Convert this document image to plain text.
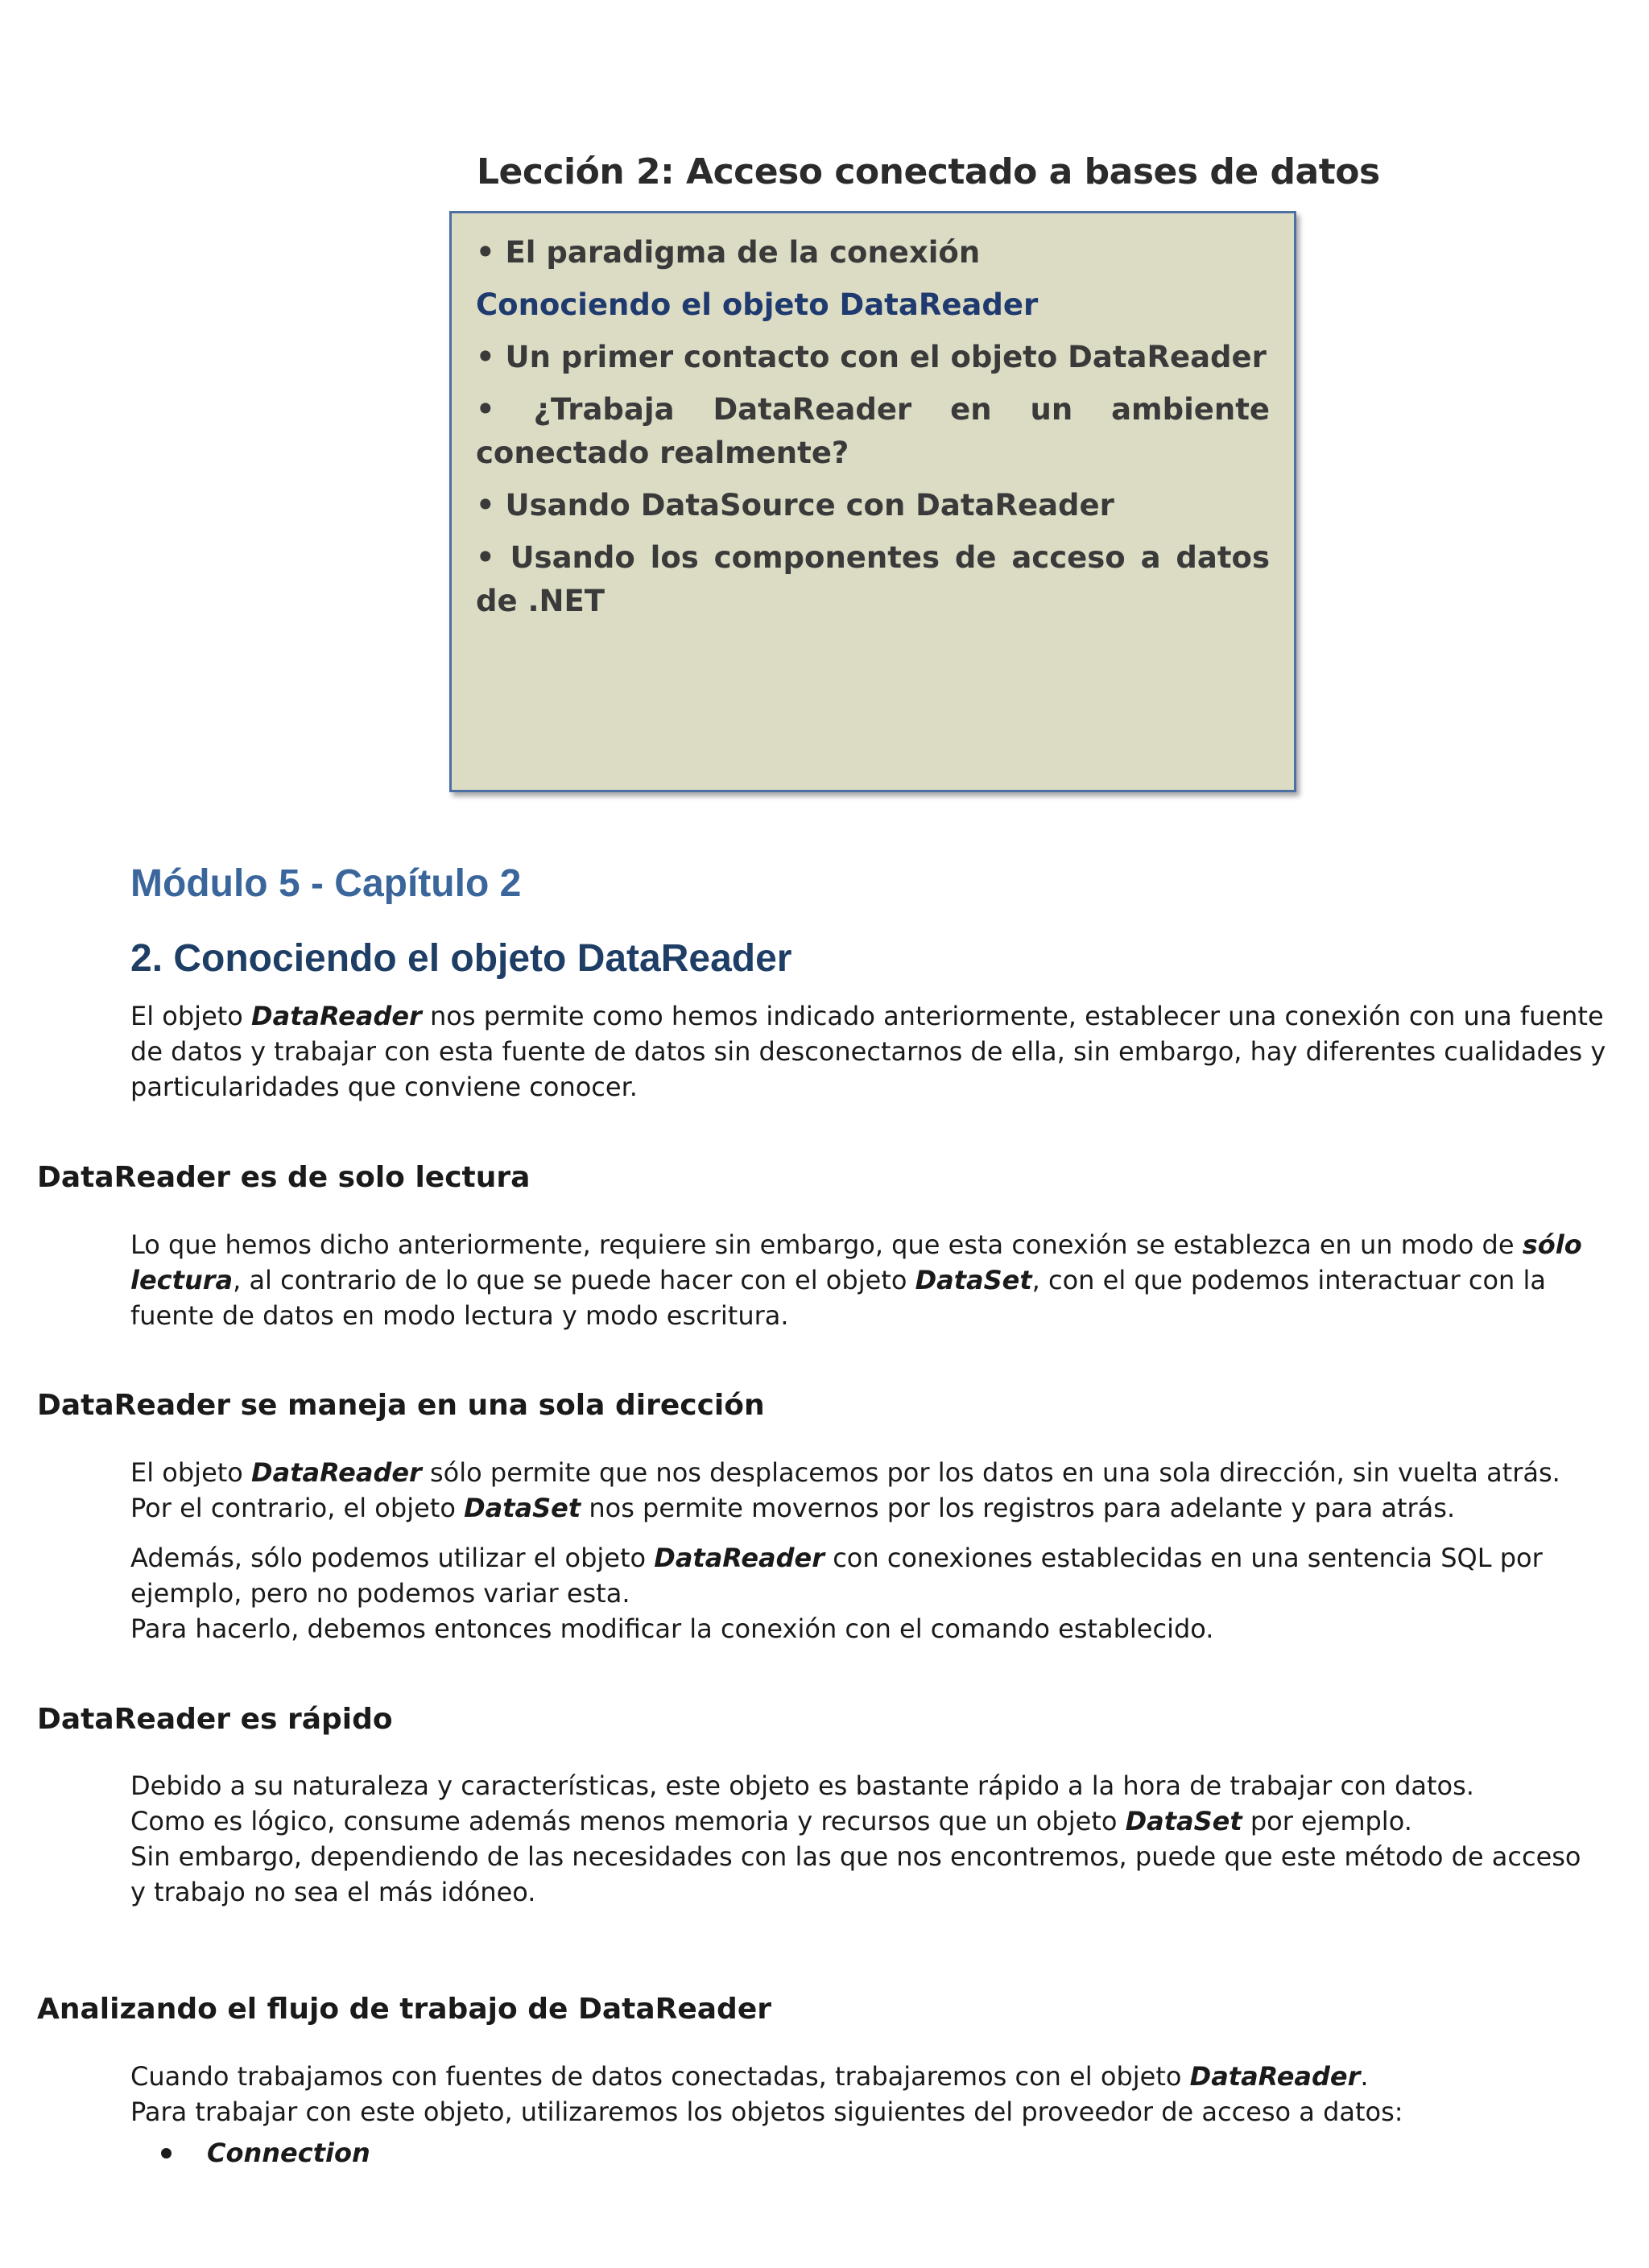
Lección 2: Acceso conectado a bases de datos
• El paradigma de la conexión
Conociendo el objeto DataReader
• Un primer contacto con el objeto DataReader
• ¿Trabaja DataReader en un ambiente conectado realmente?
• Usando DataSource con DataReader
• Usando los componentes de acceso a datos de .NET
Módulo 5 - Capítulo 2
2. Conociendo el objeto DataReader

El objeto DataReader nos permite como hemos indicado anteriormente, establecer una conexión con una fuente de datos y trabajar con esta fuente de datos sin desconectarnos de ella, sin embargo, hay diferentes cualidades y particularidades que conviene conocer.

DataReader es de solo lectura

Lo que hemos dicho anteriormente, requiere sin embargo, que esta conexión se establezca en un modo de sólo lectura, al contrario de lo que se puede hacer con el objeto DataSet, con el que podemos interactuar con la fuente de datos en modo lectura y modo escritura.

DataReader se maneja en una sola dirección

El objeto DataReader sólo permite que nos desplacemos por los datos en una sola dirección, sin vuelta atrás. Por el contrario, el objeto DataSet nos permite movernos por los registros para adelante y para atrás.

Además, sólo podemos utilizar el objeto DataReader con conexiones establecidas en una sentencia SQL por ejemplo, pero no podemos variar esta.
Para hacerlo, debemos entonces modificar la conexión con el comando establecido.

DataReader es rápido

Debido a su naturaleza y características, este objeto es bastante rápido a la hora de trabajar con datos.
Como es lógico, consume además menos memoria y recursos que un objeto DataSet por ejemplo.
Sin embargo, dependiendo de las necesidades con las que nos encontremos, puede que este método de acceso y trabajo no sea el más idóneo.

Analizando el flujo de trabajo de DataReader

Cuando trabajamos con fuentes de datos conectadas, trabajaremos con el objeto DataReader.
Para trabajar con este objeto, utilizaremos los objetos siguientes del proveedor de acceso a datos:

Connection
